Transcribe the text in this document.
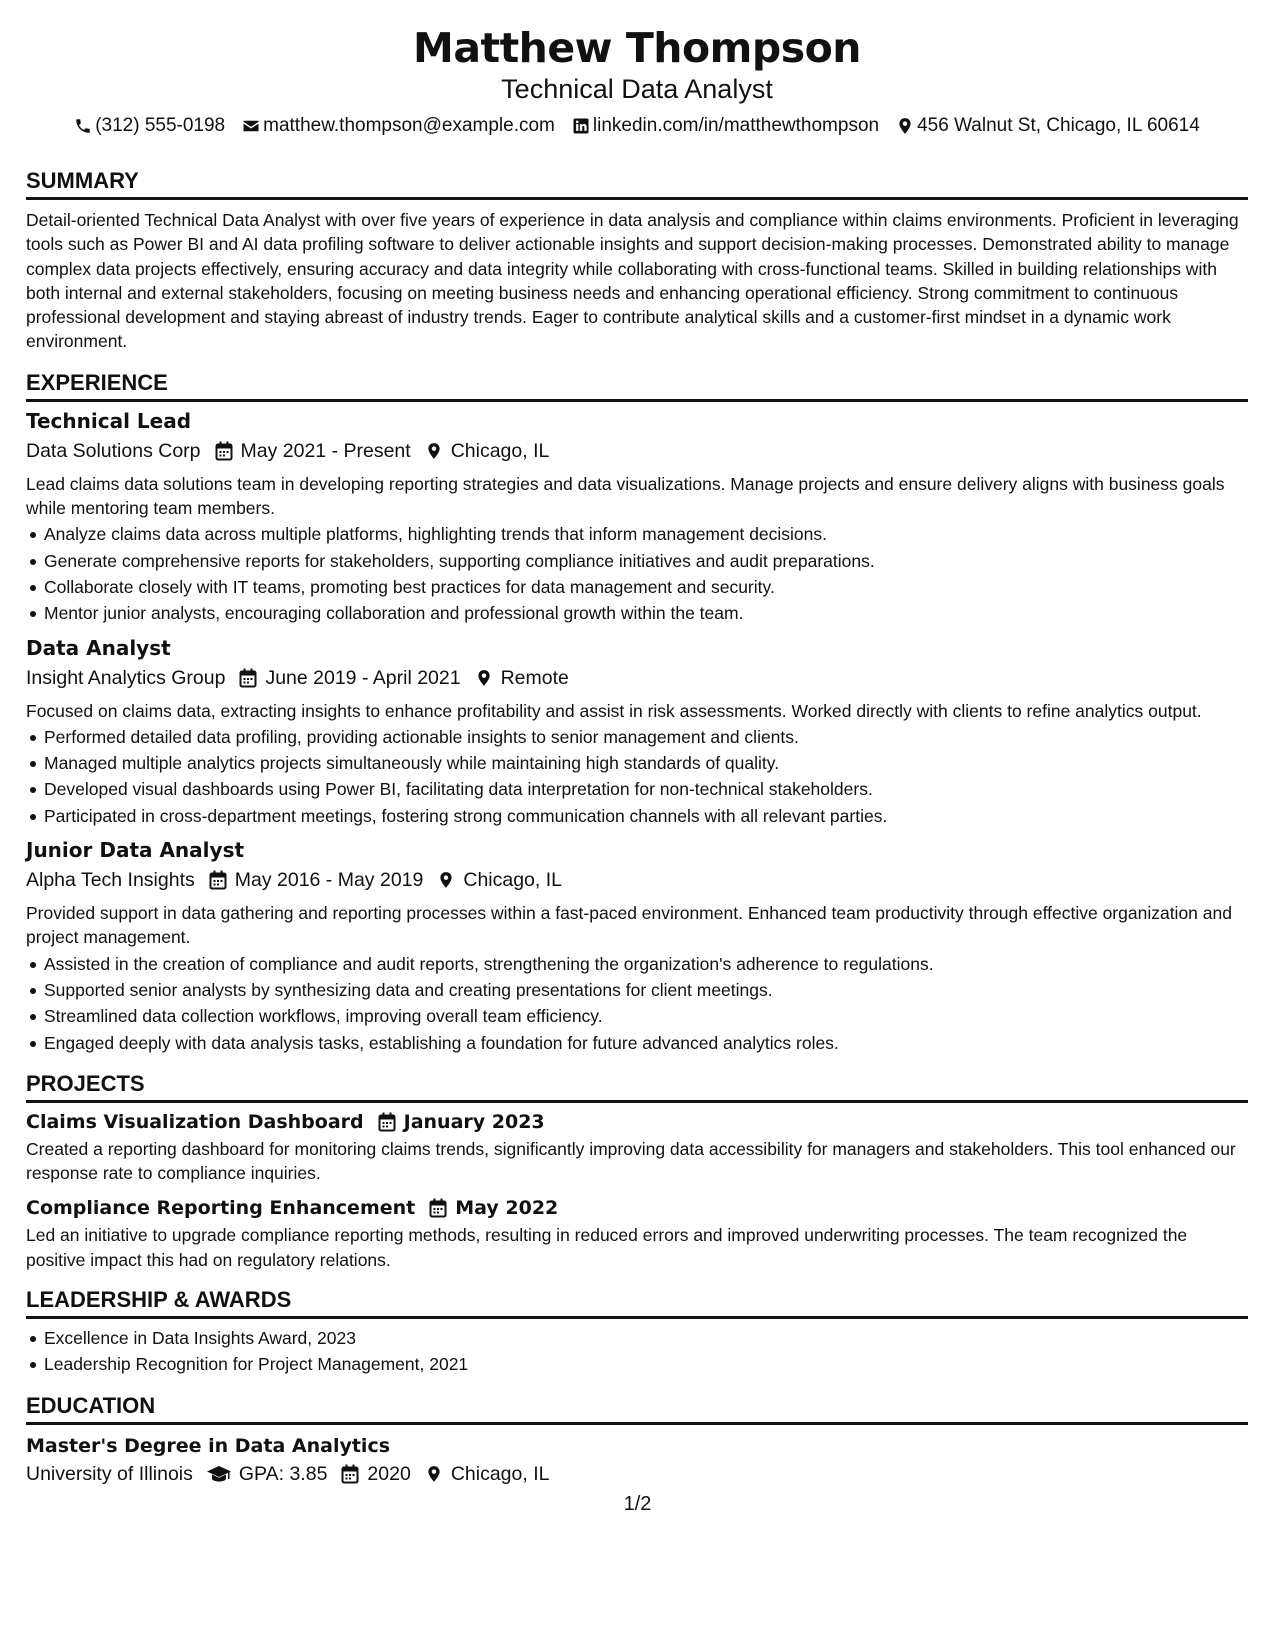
Matthew Thompson
Technical Data Analyst
(312) 555-0198 matthew.thompson@example.com linkedin.com/in/matthewthompson 456 Walnut St, Chicago, IL 60614
SUMMARY
Detail-oriented Technical Data Analyst with over five years of experience in data analysis and compliance within claims environments. Proficient in leveraging tools such as Power BI and AI data profiling software to deliver actionable insights and support decision-making processes. Demonstrated ability to manage complex data projects effectively, ensuring accuracy and data integrity while collaborating with cross-functional teams. Skilled in building relationships with both internal and external stakeholders, focusing on meeting business needs and enhancing operational efficiency. Strong commitment to continuous professional development and staying abreast of industry trends. Eager to contribute analytical skills and a customer-first mindset in a dynamic work environment.
EXPERIENCE
Technical Lead
Data Solutions Corp May 2021 - Present Chicago, IL
Lead claims data solutions team in developing reporting strategies and data visualizations. Manage projects and ensure delivery aligns with business goals while mentoring team members.
Analyze claims data across multiple platforms, highlighting trends that inform management decisions.
Generate comprehensive reports for stakeholders, supporting compliance initiatives and audit preparations.
Collaborate closely with IT teams, promoting best practices for data management and security.
Mentor junior analysts, encouraging collaboration and professional growth within the team.
Data Analyst
Insight Analytics Group June 2019 - April 2021 Remote
Focused on claims data, extracting insights to enhance profitability and assist in risk assessments. Worked directly with clients to refine analytics output.
Performed detailed data profiling, providing actionable insights to senior management and clients.
Managed multiple analytics projects simultaneously while maintaining high standards of quality.
Developed visual dashboards using Power BI, facilitating data interpretation for non-technical stakeholders.
Participated in cross-department meetings, fostering strong communication channels with all relevant parties.
Junior Data Analyst
Alpha Tech Insights May 2016 - May 2019 Chicago, IL
Provided support in data gathering and reporting processes within a fast-paced environment. Enhanced team productivity through effective organization and project management.
Assisted in the creation of compliance and audit reports, strengthening the organization's adherence to regulations.
Supported senior analysts by synthesizing data and creating presentations for client meetings.
Streamlined data collection workflows, improving overall team efficiency.
Engaged deeply with data analysis tasks, establishing a foundation for future advanced analytics roles.
PROJECTS
Claims Visualization Dashboard January 2023
Created a reporting dashboard for monitoring claims trends, significantly improving data accessibility for managers and stakeholders. This tool enhanced our response rate to compliance inquiries.
Compliance Reporting Enhancement May 2022
Led an initiative to upgrade compliance reporting methods, resulting in reduced errors and improved underwriting processes. The team recognized the positive impact this had on regulatory relations.
LEADERSHIP & AWARDS
Excellence in Data Insights Award, 2023
Leadership Recognition for Project Management, 2021
EDUCATION
Master's Degree in Data Analytics
University of Illinois GPA: 3.85 2020 Chicago, IL
1/2
